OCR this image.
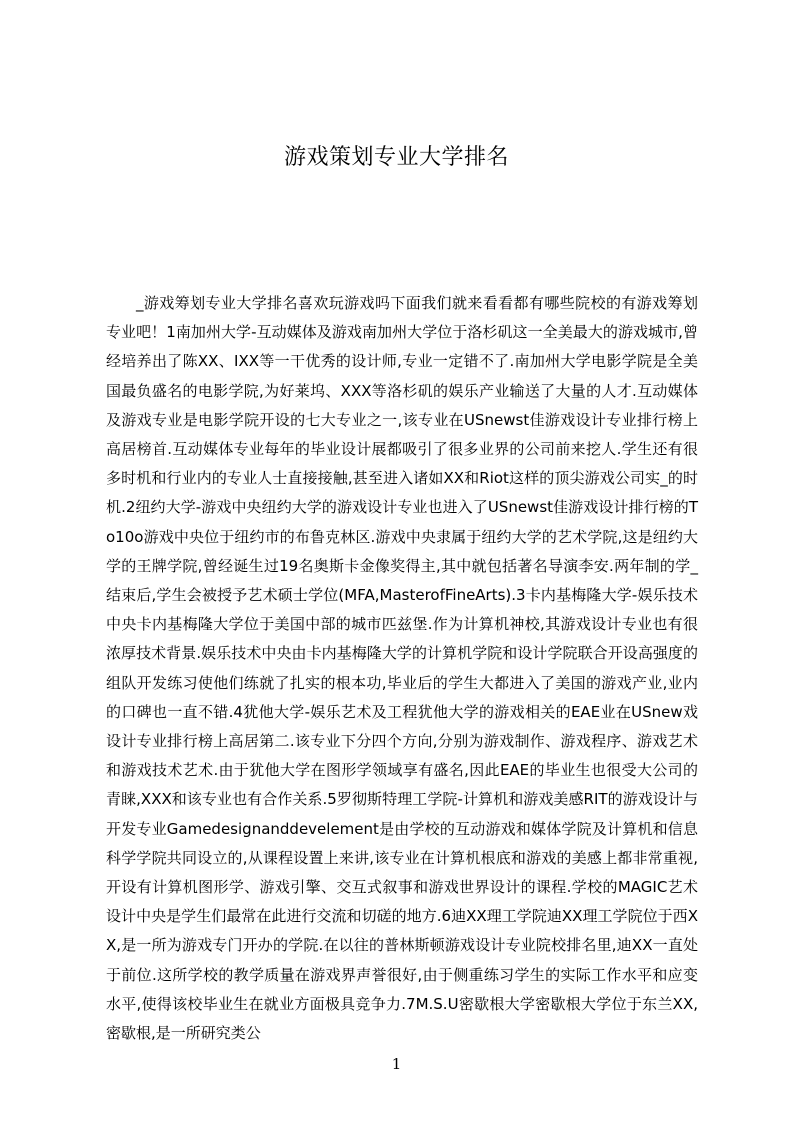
游戏策划专业大学排名

_游戏筹划专业大学排名喜欢玩游戏吗下面我们就来看看都有哪些院校的有游戏筹划专业吧！1南加州大学-互动媒体及游戏南加州大学位于洛杉矶这一全美最大的游戏城市,曾经培养出了陈XX、IXX等一干优秀的设计师,专业一定错不了.南加州大学电影学院是全美国最负盛名的电影学院,为好莱坞、XXX等洛杉矶的娱乐产业输送了大量的人才.互动媒体及游戏专业是电影学院开设的七大专业之一,该专业在USnewst佳游戏设计专业排行榜上高居榜首.互动媒体专业每年的毕业设计展都吸引了很多业界的公司前来挖人.学生还有很多时机和行业内的专业人士直接接触,甚至进入诸如XX和Riot这样的顶尖游戏公司实_的时机.2纽约大学-游戏中央纽约大学的游戏设计专业也进入了USnewst佳游戏设计排行榜的To10o游戏中央位于纽约市的布鲁克林区.游戏中央隶属于纽约大学的艺术学院,这是纽约大学的王牌学院,曾经诞生过19名奥斯卡金像奖得主,其中就包括著名导演李安.两年制的学_结束后,学生会被授予艺术硕士学位(MFA,MasterofFineArts).3卡内基梅隆大学-娱乐技术中央卡内基梅隆大学位于美国中部的城市匹兹堡.作为计算机神校,其游戏设计专业也有很浓厚技术背景.娱乐技术中央由卡内基梅隆大学的计算机学院和设计学院联合开设高强度的组队开发练习使他们练就了扎实的根本功,毕业后的学生大都进入了美国的游戏产业,业内的口碑也一直不错.4犹他大学-娱乐艺术及工程犹他大学的游戏相关的EAE业在USnew戏设计专业排行榜上高居第二.该专业下分四个方向,分别为游戏制作、游戏程序、游戏艺术和游戏技术艺术.由于犹他大学在图形学领域享有盛名,因此EAE的毕业生也很受大公司的青睐,XXX和该专业也有合作关系.5罗彻斯特理工学院-计算机和游戏美感RIT的游戏设计与开发专业Gamedesignanddevelement是由学校的互动游戏和媒体学院及计算机和信息科学学院共同设立的,从课程设置上来讲,该专业在计算机根底和游戏的美感上都非常重视,开设有计算机图形学、游戏引擎、交互式叙事和游戏世界设计的课程.学校的MAGIC艺术设计中央是学生们最常在此进行交流和切磋的地方.6迪XX理工学院迪XX理工学院位于西XX,是一所为游戏专门开办的学院.在以往的普林斯顿游戏设计专业院校排名里,迪XX一直处于前位.这所学校的教学质量在游戏界声誉很好,由于侧重练习学生的实际工作水平和应变水平,使得该校毕业生在就业方面极具竞争力.7M.S.U密歇根大学密歇根大学位于东兰XX,密歇根,是一所研究类公

1
